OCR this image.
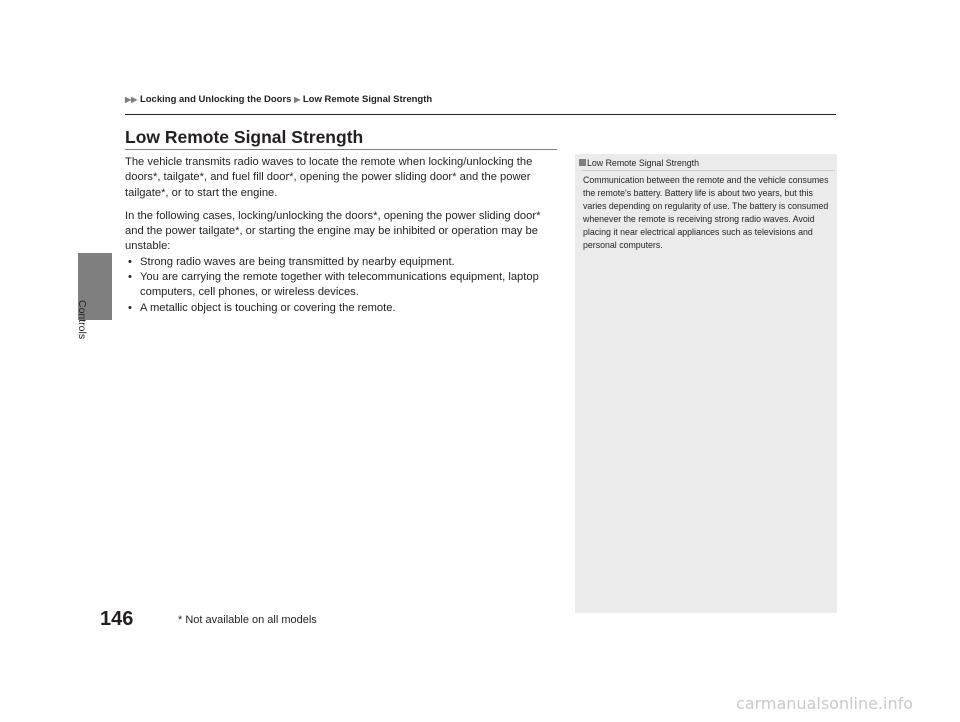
Controls
▶▶ Locking and Unlocking the Doors ▶ Low Remote Signal Strength
Low Remote Signal Strength

The vehicle transmits radio waves to locate the remote when locking/unlocking the doors*, tailgate*, and fuel fill door*, opening the power sliding door* and the power tailgate*, or to start the engine.

In the following cases, locking/unlocking the doors*, opening the power sliding door* and the power tailgate*, or starting the engine may be inhibited or operation may be unstable:

• Strong radio waves are being transmitted by nearby equipment.
• You are carrying the remote together with telecommunications equipment, laptop computers, cell phones, or wireless devices.
• A metallic object is touching or covering the remote.

Low Remote Signal Strength
Communication between the remote and the vehicle consumes the remote's battery. Battery life is about two years, but this varies depending on regularity of use. The battery is consumed whenever the remote is receiving strong radio waves. Avoid placing it near electrical appliances such as televisions and personal computers.
146	* Not available on all models
carmanualsonline.info
